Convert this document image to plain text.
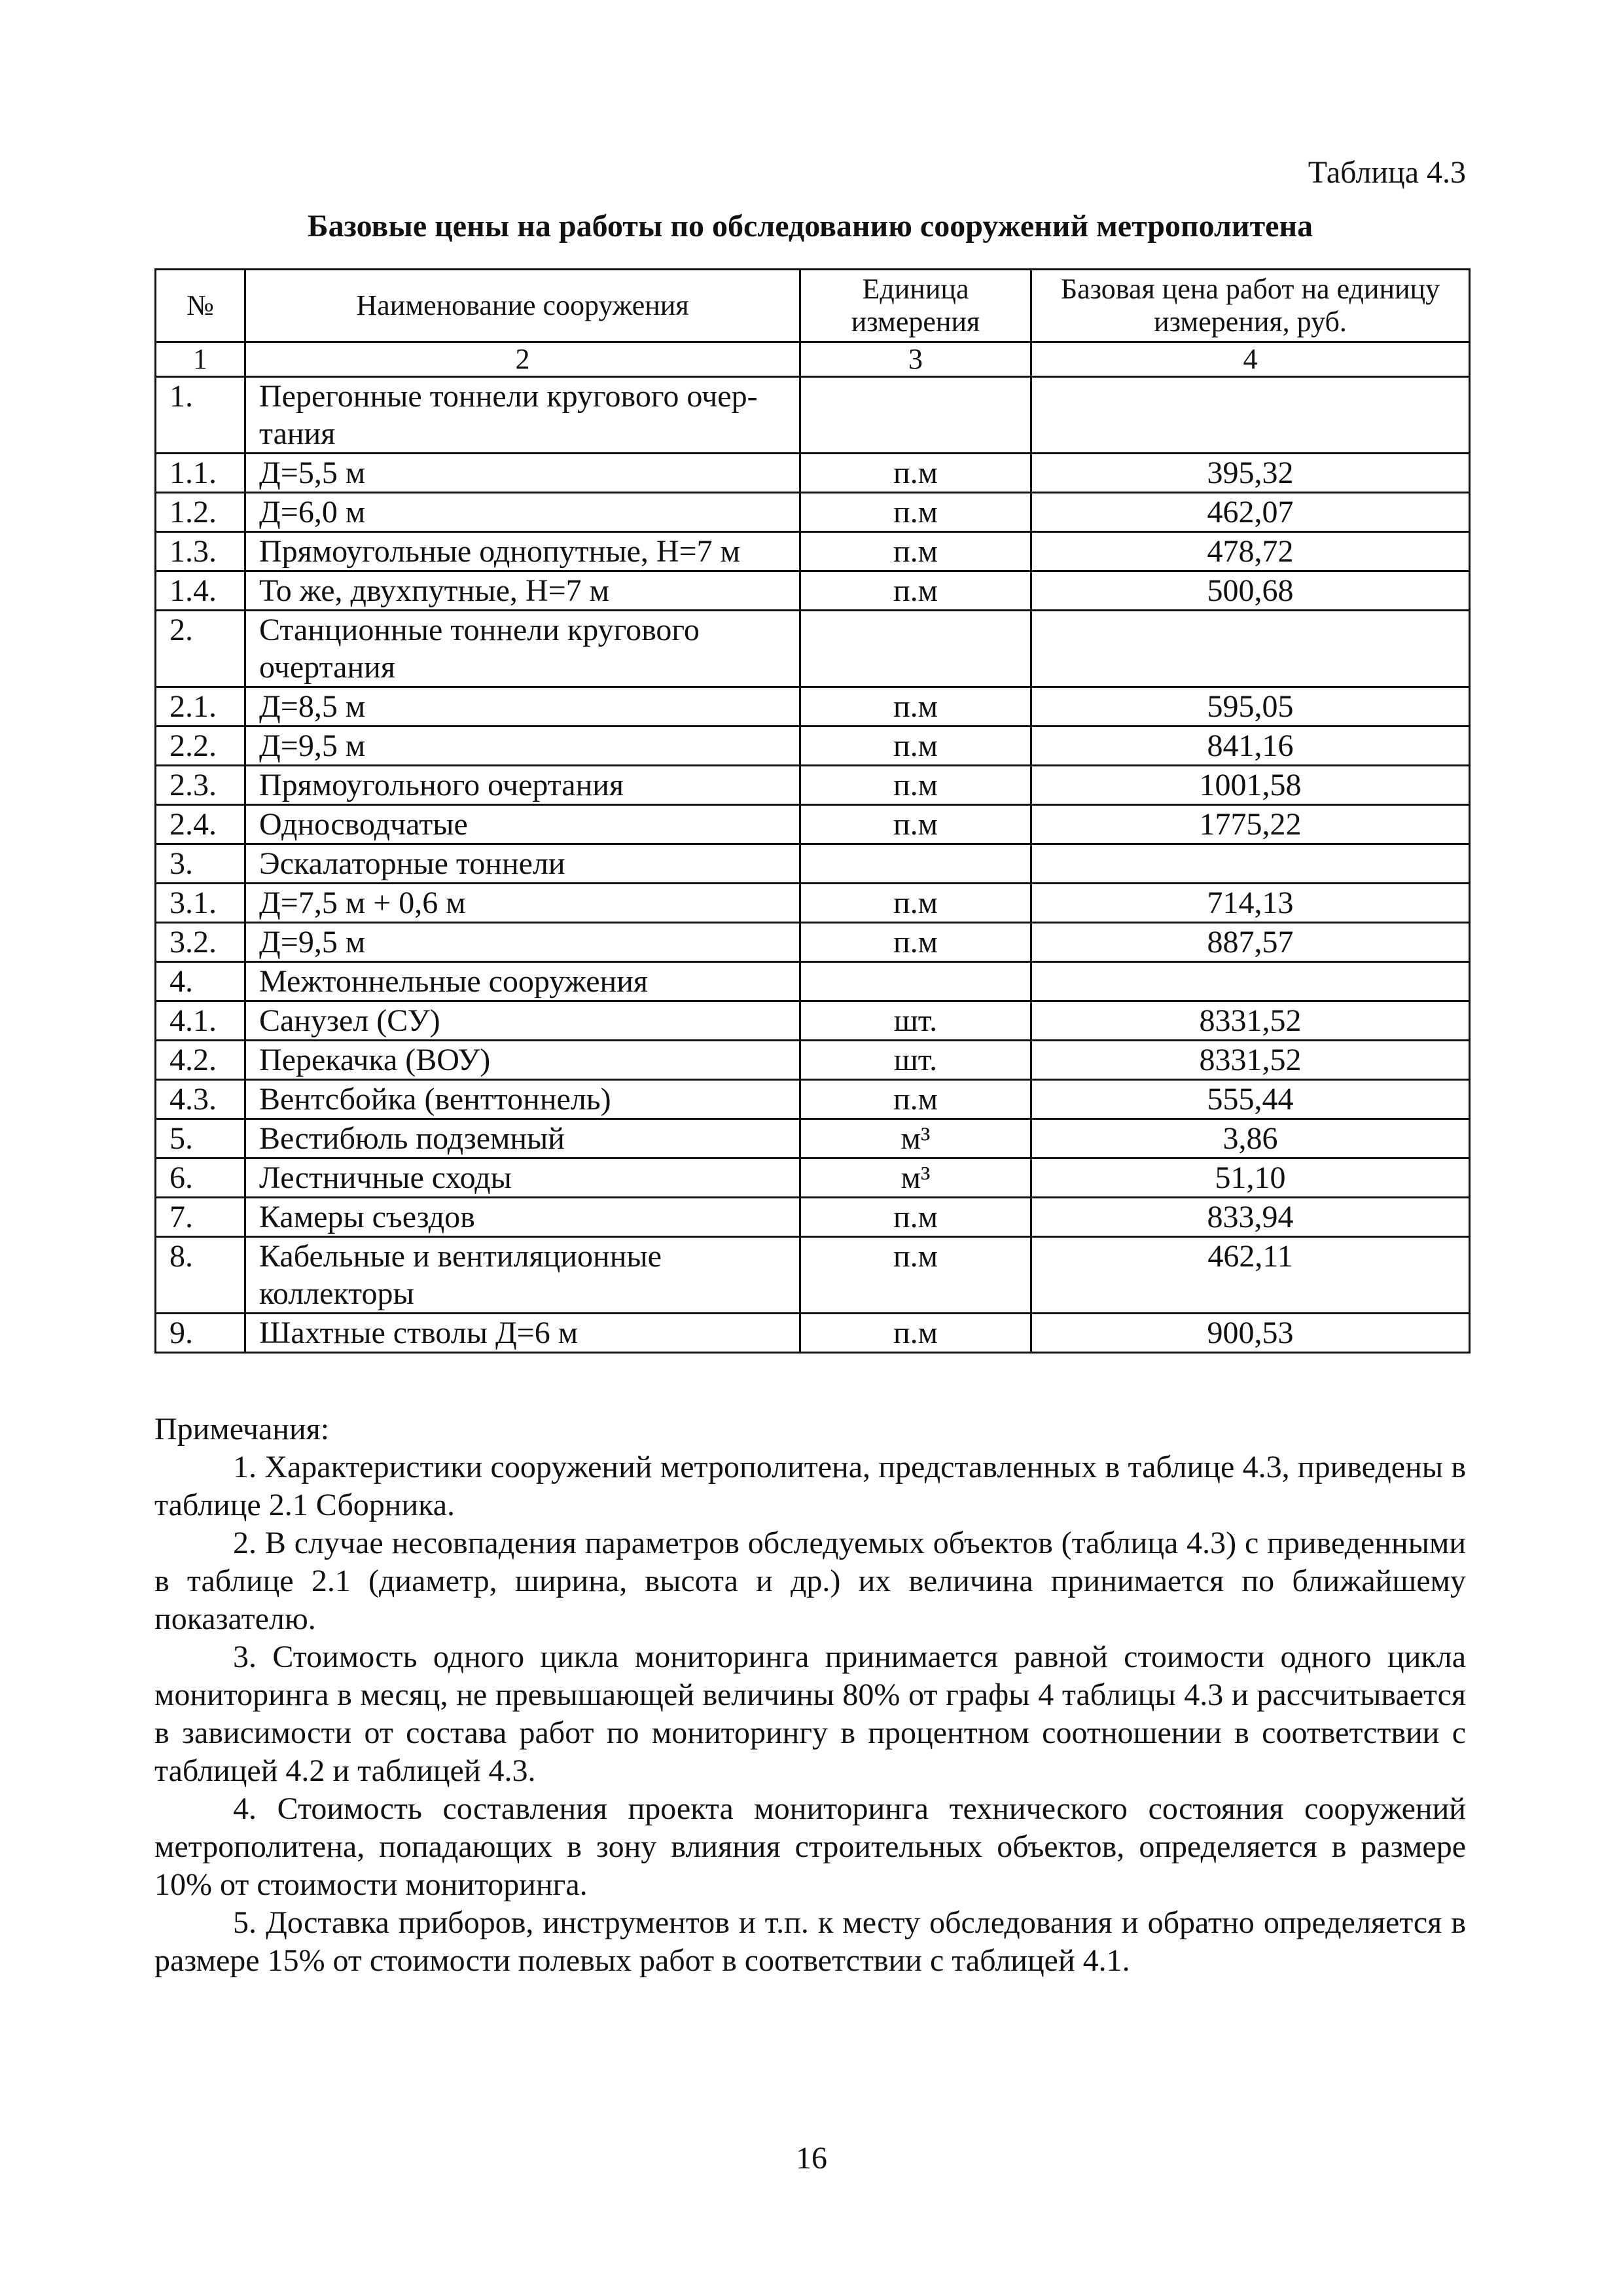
Таблица 4.3
Базовые цены на работы по обследованию сооружений метрополитена
№	Наименование сооружения	Единица измерения	Базовая цена работ на единицу измерения, руб.
1	2	3	4
1.	Перегонные тоннели кругового очер-тания		
1.1.	Д=5,5 м	п.м	395,32
1.2.	Д=6,0 м	п.м	462,07
1.3.	Прямоугольные однопутные, Н=7 м	п.м	478,72
1.4.	То же, двухпутные, Н=7 м	п.м	500,68
2.	Станционные тоннели кругового очертания		
2.1.	Д=8,5 м	п.м	595,05
2.2.	Д=9,5 м	п.м	841,16
2.3.	Прямоугольного очертания	п.м	1001,58
2.4.	Односводчатые	п.м	1775,22
3.	Эскалаторные тоннели		
3.1.	Д=7,5 м + 0,6 м	п.м	714,13
3.2.	Д=9,5 м	п.м	887,57
4.	Межтоннельные сооружения		
4.1.	Санузел (СУ)	шт.	8331,52
4.2.	Перекачка (ВОУ)	шт.	8331,52
4.3.	Вентсбойка (венттоннель)	п.м	555,44
5.	Вестибюль подземный	м³	3,86
6.	Лестничные сходы	м³	51,10
7.	Камеры съездов	п.м	833,94
8.	Кабельные и вентиляционные коллекторы	п.м	462,11
9.	Шахтные стволы Д=6 м	п.м	900,53

Примечания:

1. Характеристики сооружений метрополитена, представленных в таблице 4.3, приведены в таблице 2.1 Сборника.

2. В случае несовпадения параметров обследуемых объектов (таблица 4.3) с приведенными в таблице 2.1 (диаметр, ширина, высота и др.) их величина принимается по ближайшему показателю.

3. Стоимость одного цикла мониторинга принимается равной стоимости одного цикла мониторинга в месяц, не превышающей величины 80% от графы 4 таблицы 4.3 и рассчитывается в зависимости от состава работ по мониторингу в процентном соотношении в соответствии с таблицей 4.2 и таблицей 4.3.

4. Стоимость составления проекта мониторинга технического состояния сооружений метрополитена, попадающих в зону влияния строительных объектов, определяется в размере 10% от стоимости мониторинга.

5. Доставка приборов, инструментов и т.п. к месту обследования и обратно определяется в размере 15% от стоимости полевых работ в соответствии с таблицей 4.1.

16
